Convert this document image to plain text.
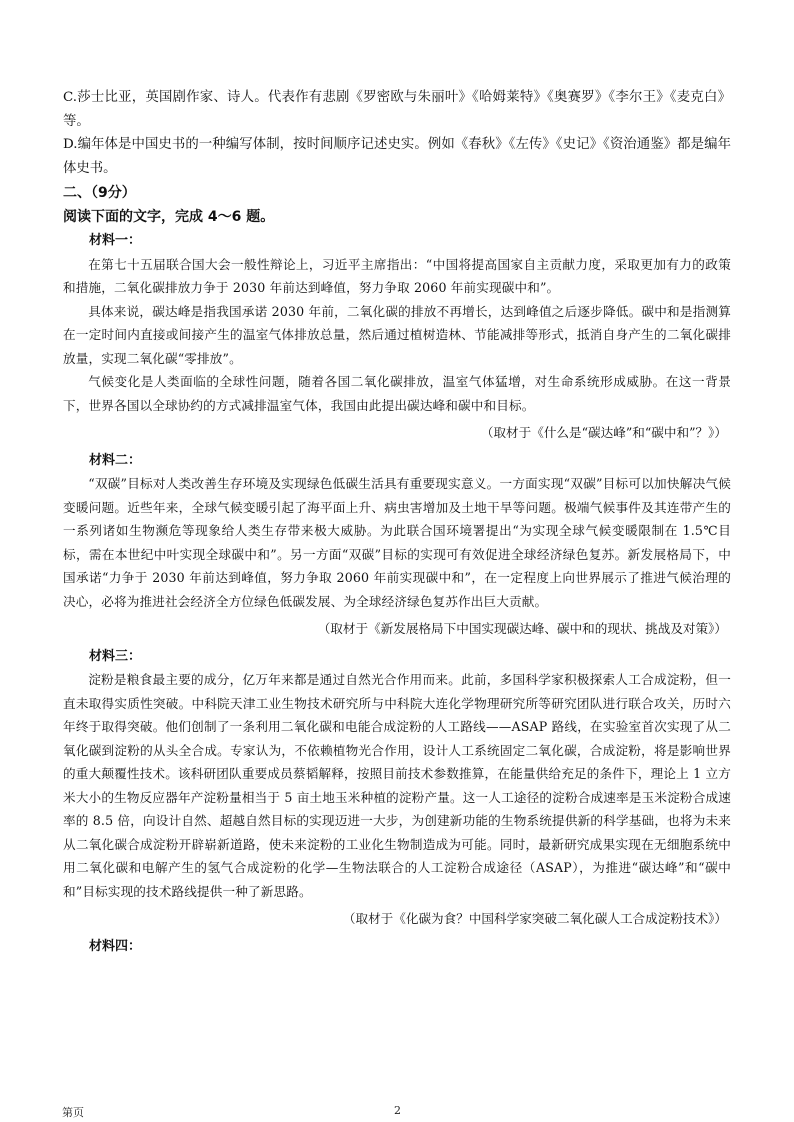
C.莎士比亚，英国剧作家、诗人。代表作有悲剧《罗密欧与朱丽叶》《哈姆莱特》《奥赛罗》《李尔王》《麦克白》等。

D.编年体是中国史书的一种编写体制，按时间顺序记述史实。例如《春秋》《左传》《史记》《资治通鉴》都是编年体史书。

二、（9分）

阅读下面的文字，完成 4～6 题。

材料一：

在第七十五届联合国大会一般性辩论上，习近平主席指出：“中国将提高国家自主贡献力度，采取更加有力的政策和措施，二氧化碳排放力争于 2030 年前达到峰值，努力争取 2060 年前实现碳中和”。

具体来说，碳达峰是指我国承诺 2030 年前，二氧化碳的排放不再增长，达到峰值之后逐步降低。碳中和是指测算在一定时间内直接或间接产生的温室气体排放总量，然后通过植树造林、节能减排等形式，抵消自身产生的二氧化碳排放量，实现二氧化碳“零排放”。

气候变化是人类面临的全球性问题，随着各国二氧化碳排放，温室气体猛增，对生命系统形成威胁。在这一背景下，世界各国以全球协约的方式减排温室气体，我国由此提出碳达峰和碳中和目标。

（取材于《什么是“碳达峰”和“碳中和”？》）

材料二：

“双碳”目标对人类改善生存环境及实现绿色低碳生活具有重要现实意义。一方面实现“双碳”目标可以加快解决气候变暖问题。近些年来，全球气候变暖引起了海平面上升、病虫害增加及土地干旱等问题。极端气候事件及其连带产生的一系列诸如生物濒危等现象给人类生存带来极大威胁。为此联合国环境署提出“为实现全球气候变暖限制在 1.5℃目标，需在本世纪中叶实现全球碳中和”。另一方面“双碳”目标的实现可有效促进全球经济绿色复苏。新发展格局下，中国承诺“力争于 2030 年前达到峰值，努力争取 2060 年前实现碳中和”，在一定程度上向世界展示了推进气候治理的决心，必将为推进社会经济全方位绿色低碳发展、为全球经济绿色复苏作出巨大贡献。

（取材于《新发展格局下中国实现碳达峰、碳中和的现状、挑战及对策》）

材料三：

淀粉是粮食最主要的成分，亿万年来都是通过自然光合作用而来。此前，多国科学家积极探索人工合成淀粉，但一直未取得实质性突破。中科院天津工业生物技术研究所与中科院大连化学物理研究所等研究团队进行联合攻关，历时六年终于取得突破。他们创制了一条利用二氧化碳和电能合成淀粉的人工路线——ASAP 路线，在实验室首次实现了从二氧化碳到淀粉的从头全合成。专家认为，不依赖植物光合作用，设计人工系统固定二氧化碳，合成淀粉，将是影响世界的重大颠覆性技术。该科研团队重要成员蔡韬解释，按照目前技术参数推算，在能量供给充足的条件下，理论上 1 立方米大小的生物反应器年产淀粉量相当于 5 亩土地玉米种植的淀粉产量。这一人工途径的淀粉合成速率是玉米淀粉合成速率的 8.5 倍，向设计自然、超越自然目标的实现迈进一大步，为创建新功能的生物系统提供新的科学基础，也将为未来从二氧化碳合成淀粉开辟崭新道路，使未来淀粉的工业化生物制造成为可能。同时，最新研究成果实现在无细胞系统中用二氧化碳和电解产生的氢气合成淀粉的化学—生物法联合的人工淀粉合成途径（ASAP），为推进“碳达峰”和“碳中和”目标实现的技术路线提供一种了新思路。

（取材于《化碳为食？中国科学家突破二氧化碳人工合成淀粉技术》）

材料四：

第页	2
